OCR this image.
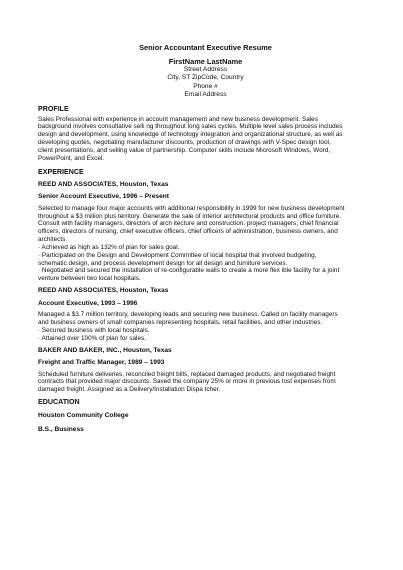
Senior Accountant Executive Resume
FirstName LastName
Street Address
City, ST ZipCode, Country
Phone #
Email Address
PROFILE
Sales Professional with experience in account management and new business development. Sales
background involves consultative selli ng throughout long sales cycles. Multiple level sales process includes
design and development, using knowledge of technology integration and organizational structure, as well as
developing quotes, negotiating manufacturer discounts, production of drawings with V-Spec design tool,
client presentations, and selling value of partnership. Computer skills include Microsoft Windows, Word,
PowerPoint, and Excel.
EXPERIENCE
REED AND ASSOCIATES, Houston, Texas
Senior Account Executive, 1996 – Present
Selected to manage four major accounts with additional responsibility in 1999 for new business development
throughout a $3 million plus territory. Generate the sale of interior architectural products and office furniture.
Consult with facility managers, directors of arch itecture and construction, project managers, chief financial
officers, directors of nursing, chief executive officers, chief officers of administration, business owners, and
architects.
· Achieved as high as 132% of plan for sales goal.
· Participated on the Design and Development Committee of local hospital that involved budgeting,
schematic design, and process development design for all design and furniture services.
· Negotiated and secured the installation of re-configurable walls to create a more flex ible facility for a joint
venture between two local hospitals.
REED AND ASSOCIATES, Houston, Texas
Account Executive, 1993 – 1996
Managed a $3.7 million territory, developing leads and securing new business. Called on facility managers
and business owners of small companies representing hospitals, retail facilities, and other industries.
· Secured business with local hospitals.
· Attained over 100% of plan for sales.
BAKER AND BAKER, INC., Houston, Texas
Freight and Traffic Manager, 1989 – 1993
Scheduled furniture deliveries, reconciled freight bills, replaced damaged products, and negotiated freight
contracts that provided major discounts. Saved the company 25% or more in previous lost expenses from
damaged freight. Assigned as a Delivery/Installation Dispa tcher.
EDUCATION
Houston Community College
B.S., Business
